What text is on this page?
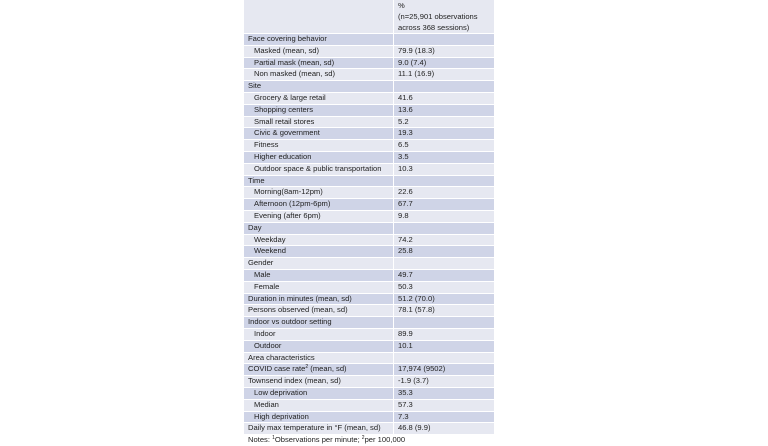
%
(n=25,901 observations
across 368 sessions)
Face covering behavior
Masked (mean, sd)	79.9 (18.3)
Partial mask (mean, sd)	9.0 (7.4)
Non masked (mean, sd)	11.1 (16.9)
Site
Grocery & large retail	41.6
Shopping centers	13.6
Small retail stores	5.2
Civic & government	19.3
Fitness	6.5
Higher education	3.5
Outdoor space & public transportation	10.3
Time
Morning(8am-12pm)	22.6
Afternoon (12pm-6pm)	67.7
Evening (after 6pm)	9.8
Day
Weekday	74.2
Weekend	25.8
Gender
Male	49.7
Female	50.3
Duration in minutes (mean, sd)	51.2 (70.0)
Persons observed (mean, sd)	78.1 (57.8)
Indoor vs outdoor setting
Indoor	89.9
Outdoor	10.1
Area characteristics
COVID case rate$^2$ (mean, sd)	17,974 (9502)
Townsend index (mean, sd)	-1.9 (3.7)
Low deprivation	35.3
Median	57.3
High deprivation	7.3
Daily max temperature in °F (mean, sd)	46.8 (9.9)
Notes: $^1$Observations per minute; $^2$per 100,000
